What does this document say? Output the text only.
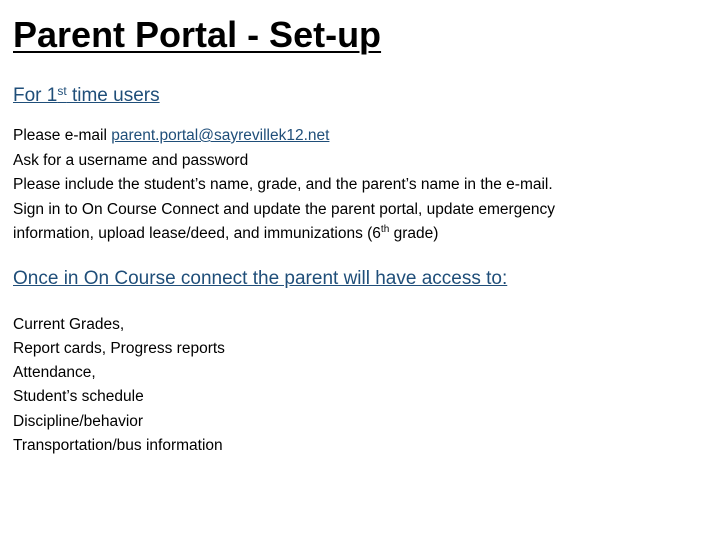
Parent Portal - Set-up
For 1st time users
Please e-mail parent.portal@sayrevillek12.net
Ask for a username and password
Please include the student’s name, grade, and the parent’s name in the e-mail.
Sign in to On Course Connect and update the parent portal, update emergency
information, upload lease/deed, and immunizations (6th grade)
Once in On Course connect the parent will have access to:
Current Grades,
Report cards, Progress reports
Attendance,
Student’s schedule
Discipline/behavior
Transportation/bus information
